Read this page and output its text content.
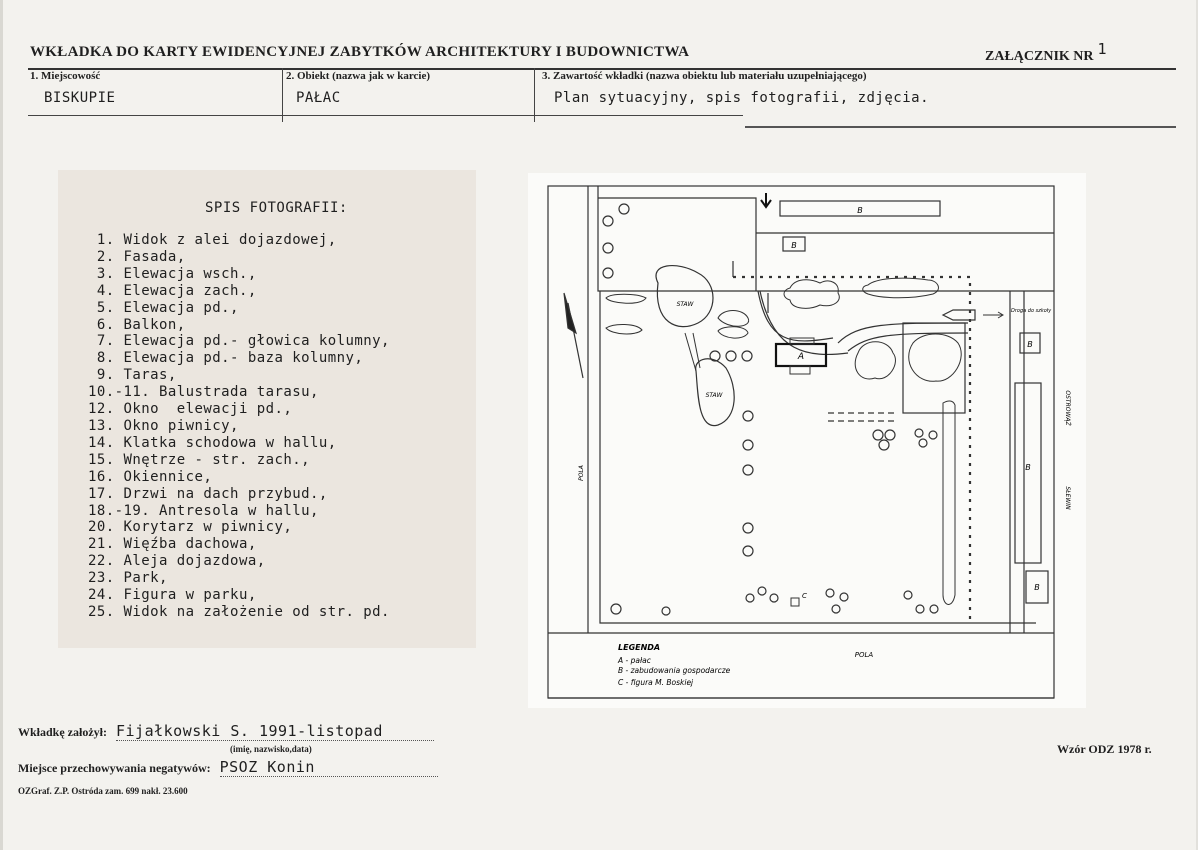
WKŁADKA DO KARTY EWIDENCYJNEJ ZABYTKÓW ARCHITEKTURY I BUDOWNICTWA	ZAŁĄCZNIK NR 1
1. Miejscowość
BISKUPIE
2. Obiekt (nazwa jak w karcie)
PAŁAC
3. Zawartość wkładki (nazwa obiektu lub materiału uzupełniającego)
Plan sytuacyjny, spis fotografii, zdjęcia.
SPIS FOTOGRAFII:
1. Widok z alei dojazdowej,
2. Fasada,
3. Elewacja wsch.,
4. Elewacja zach.,
5. Elewacja pd.,
6. Balkon,
7. Elewacja pd.- głowica kolumny,
8. Elewacja pd.- baza kolumny,
9. Taras,
10.-11. Balustrada tarasu,
12. Okno  elewacji pd.,
13. Okno piwnicy,
14. Klatka schodowa w hallu,
15. Wnętrze - str. zach.,
16. Okiennice,
17. Drzwi na dach przybud.,
18.-19. Antresola w hallu,
20. Korytarz w piwnicy,
21. Więźba dachowa,
22. Aleja dojazdowa,
23. Park,
24. Figura w parku,
25. Widok na założenie od str. pd.
B
B
B
B
B
A
STAW
STAW
C
Droga do szkoły
POLA
POLA
OSTROWĄŻ
SŁEWIN
LEGENDA
A - pałac
B - zabudowania gospodarcze
C - figura M. Boskiej
Wkładkę założył: Fijałkowski S. 1991-listopad
(imię, nazwisko,data)
Miejsce przechowywania negatywów: PSOZ Konin
OZGraf. Z.P. Ostróda zam. 699 nakł. 23.600
Wzór ODZ 1978 r.
